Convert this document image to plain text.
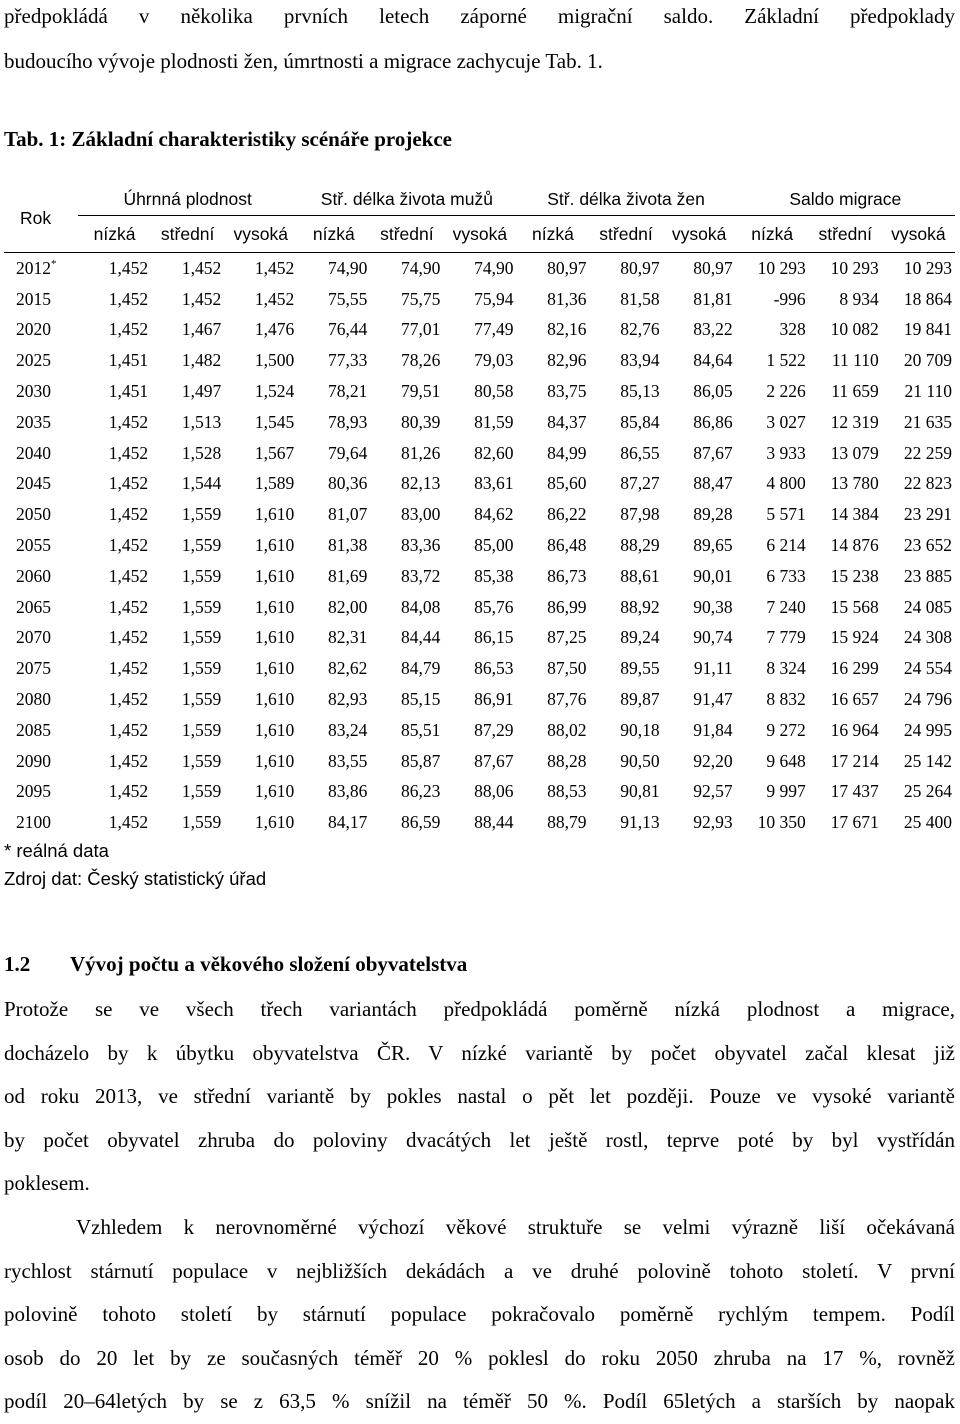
předpokládá v několika prvních letech záporné migrační saldo. Základní předpoklady
budoucího vývoje plodnosti žen, úmrtnosti a migrace zachycuje Tab. 1.

Tab. 1: Základní charakteristiky scénáře projekce

Rok	Úhrnná plodnost			Stř. délka života mužů			Stř. délka života žen			Saldo migrace		
	nízká	střední	vysoká	nízká	střední	vysoká	nízká	střední	vysoká	nízká	střední	vysoká
2012*	1,452	1,452	1,452	74,90	74,90	74,90	80,97	80,97	80,97	10 293	10 293	10 293
2015	1,452	1,452	1,452	75,55	75,75	75,94	81,36	81,58	81,81	-996	8 934	18 864
2020	1,452	1,467	1,476	76,44	77,01	77,49	82,16	82,76	83,22	328	10 082	19 841
2025	1,451	1,482	1,500	77,33	78,26	79,03	82,96	83,94	84,64	1 522	11 110	20 709
2030	1,451	1,497	1,524	78,21	79,51	80,58	83,75	85,13	86,05	2 226	11 659	21 110
2035	1,452	1,513	1,545	78,93	80,39	81,59	84,37	85,84	86,86	3 027	12 319	21 635
2040	1,452	1,528	1,567	79,64	81,26	82,60	84,99	86,55	87,67	3 933	13 079	22 259
2045	1,452	1,544	1,589	80,36	82,13	83,61	85,60	87,27	88,47	4 800	13 780	22 823
2050	1,452	1,559	1,610	81,07	83,00	84,62	86,22	87,98	89,28	5 571	14 384	23 291
2055	1,452	1,559	1,610	81,38	83,36	85,00	86,48	88,29	89,65	6 214	14 876	23 652
2060	1,452	1,559	1,610	81,69	83,72	85,38	86,73	88,61	90,01	6 733	15 238	23 885
2065	1,452	1,559	1,610	82,00	84,08	85,76	86,99	88,92	90,38	7 240	15 568	24 085
2070	1,452	1,559	1,610	82,31	84,44	86,15	87,25	89,24	90,74	7 779	15 924	24 308
2075	1,452	1,559	1,610	82,62	84,79	86,53	87,50	89,55	91,11	8 324	16 299	24 554
2080	1,452	1,559	1,610	82,93	85,15	86,91	87,76	89,87	91,47	8 832	16 657	24 796
2085	1,452	1,559	1,610	83,24	85,51	87,29	88,02	90,18	91,84	9 272	16 964	24 995
2090	1,452	1,559	1,610	83,55	85,87	87,67	88,28	90,50	92,20	9 648	17 214	25 142
2095	1,452	1,559	1,610	83,86	86,23	88,06	88,53	90,81	92,57	9 997	17 437	25 264
2100	1,452	1,559	1,610	84,17	86,59	88,44	88,79	91,13	92,93	10 350	17 671	25 400

* reálná data

Zdroj dat: Český statistický úřad

1.2 Vývoj počtu a věkového složení obyvatelstva
Protože se ve všech třech variantách předpokládá poměrně nízká plodnost a migrace,
docházelo by k úbytku obyvatelstva ČR. V nízké variantě by počet obyvatel začal klesat již
od roku 2013, ve střední variantě by pokles nastal o pět let později. Pouze ve vysoké variantě
by počet obyvatel zhruba do poloviny dvacátých let ještě rostl, teprve poté by byl vystřídán
poklesem.
Vzhledem k nerovnoměrné výchozí věkové struktuře se velmi výrazně liší očekávaná
rychlost stárnutí populace v nejbližších dekádách a ve druhé polovině tohoto století. V první
polovině tohoto století by stárnutí populace pokračovalo poměrně rychlým tempem. Podíl
osob do 20 let by ze současných téměř 20 % poklesl do roku 2050 zhruba na 17 %, rovněž
podíl 20–64letých by se z 63,5 % snížil na téměř 50 %. Podíl 65letých a starších by naopak
